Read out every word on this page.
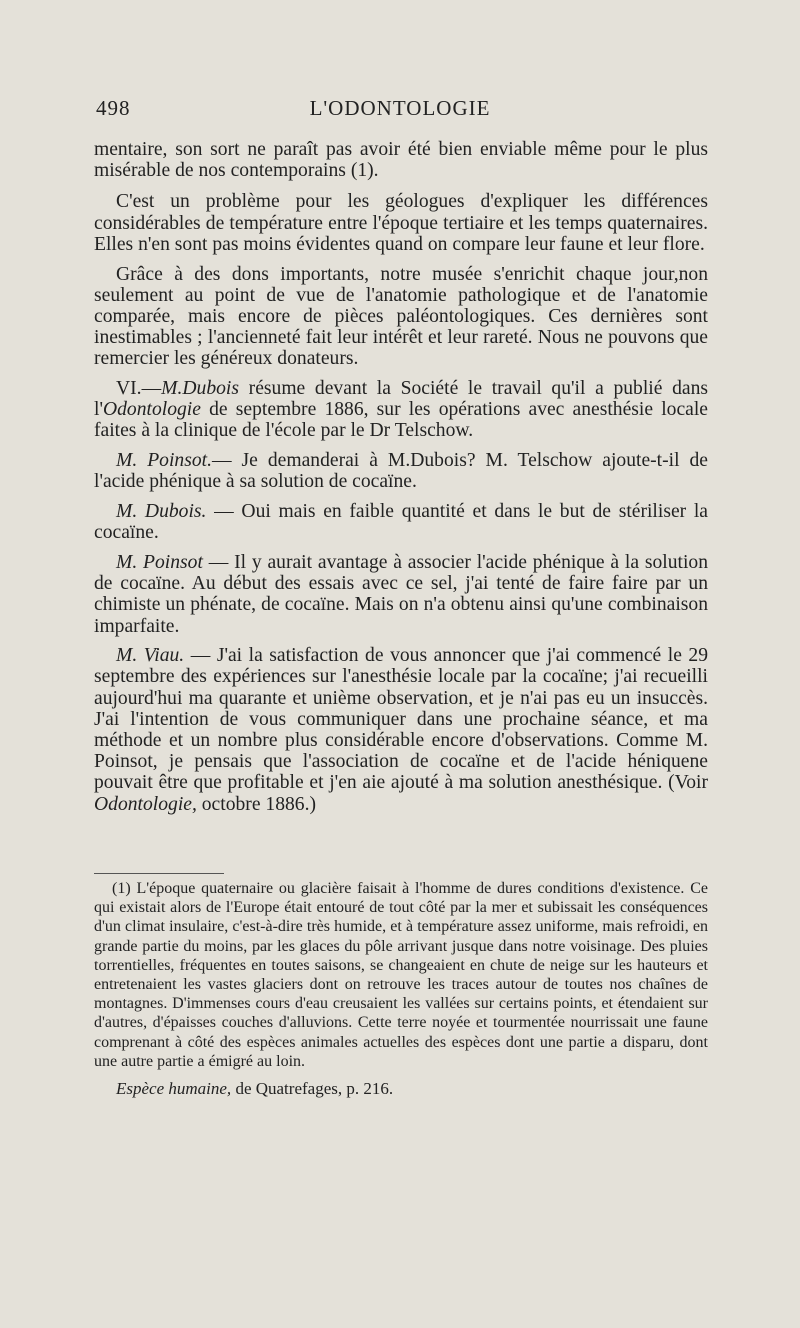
498	L'ODONTOLOGIE

mentaire, son sort ne paraît pas avoir été bien enviable même pour le plus misérable de nos contemporains (1).

C'est un problème pour les géologues d'expliquer les différences considérables de température entre l'époque tertiaire et les temps quaternaires. Elles n'en sont pas moins évidentes quand on compare leur faune et leur flore.

Grâce à des dons importants, notre musée s'enrichit chaque jour,non seulement au point de vue de l'anatomie pathologique et de l'anatomie comparée, mais encore de pièces paléontologiques. Ces dernières sont inestimables ; l'ancienneté fait leur intérêt et leur rareté. Nous ne pouvons que remercier les généreux donateurs.

VI.—M.Dubois résume devant la Société le travail qu'il a publié dans l'Odontologie de septembre 1886, sur les opérations avec anesthésie locale faites à la clinique de l'école par le Dr Telschow.

M. Poinsot.— Je demanderai à M.Dubois? M. Telschow ajoute-t-il de l'acide phénique à sa solution de cocaïne.

M. Dubois. — Oui mais en faible quantité et dans le but de stériliser la cocaïne.

M. Poinsot — Il y aurait avantage à associer l'acide phénique à la solution de cocaïne. Au début des essais avec ce sel, j'ai tenté de faire faire par un chimiste un phénate, de cocaïne. Mais on n'a obtenu ainsi qu'une combinaison imparfaite.

M. Viau. — J'ai la satisfaction de vous annoncer que j'ai commencé le 29 septembre des expériences sur l'anesthésie locale par la cocaïne; j'ai recueilli aujourd'hui ma quarante et unième observation, et je n'ai pas eu un insuccès. J'ai l'intention de vous communiquer dans une prochaine séance, et ma méthode et un nombre plus considérable encore d'observations. Comme M. Poinsot, je pensais que l'association de cocaïne et de l'acide héniquene pouvait être que profitable et j'en aie ajouté à ma solution anesthésique. (Voir Odontologie, octobre 1886.)

(1) L'époque quaternaire ou glacière faisait à l'homme de dures conditions d'existence. Ce qui existait alors de l'Europe était entouré de tout côté par la mer et subissait les conséquences d'un climat insulaire, c'est-à-dire très humide, et à température assez uniforme, mais refroidi, en grande partie du moins, par les glaces du pôle arrivant jusque dans notre voisinage. Des pluies torrentielles, fréquentes en toutes saisons, se changeaient en chute de neige sur les hauteurs et entretenaient les vastes glaciers dont on retrouve les traces autour de toutes nos chaînes de montagnes. D'immenses cours d'eau creusaient les vallées sur certains points, et étendaient sur d'autres, d'épaisses couches d'alluvions. Cette terre noyée et tourmentée nourrissait une faune comprenant à côté des espèces animales actuelles des espèces dont une partie a disparu, dont une autre partie a émigré au loin.

Espèce humaine, de Quatrefages, p. 216.
